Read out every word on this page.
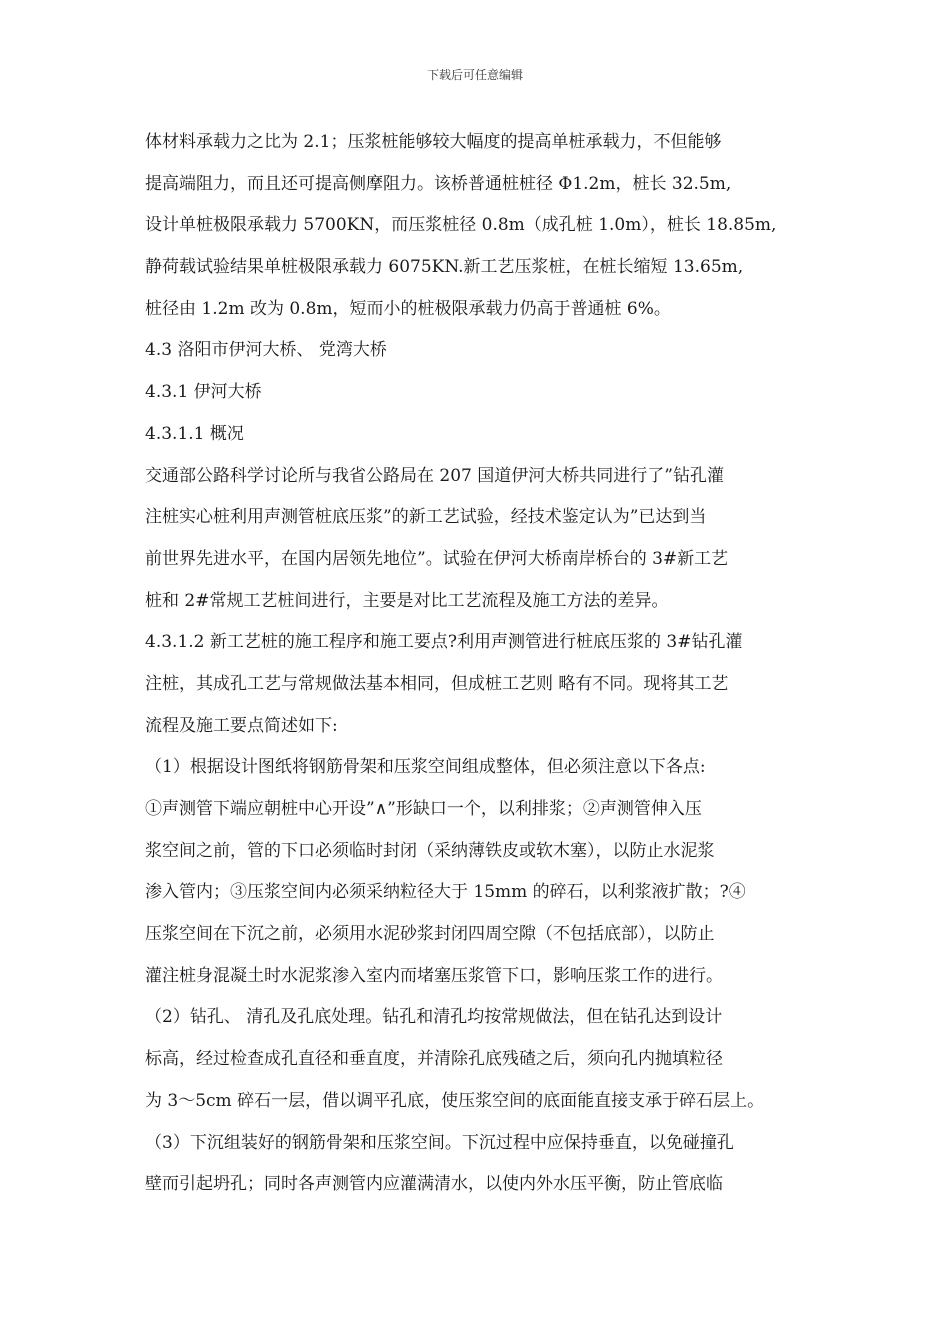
下载后可任意编辑
体材料承载力之比为 2.1；压浆桩能够较大幅度的提高单桩承载力，不但能够
提高端阻力，而且还可提高侧摩阻力。该桥普通桩桩径 Φ1.2m，桩长 32.5m,
设计单桩极限承载力 5700KN，而压浆桩径 0.8m（成孔桩 1.0m），桩长 18.85m,
静荷载试验结果单桩极限承载力 6075KN.新工艺压浆桩，在桩长缩短 13.65m,
桩径由 1.2m 改为 0.8m，短而小的桩极限承载力仍高于普通桩 6%。
4.3 洛阳市伊河大桥、 党湾大桥
4.3.1 伊河大桥
4.3.1.1 概况
交通部公路科学讨论所与我省公路局在 207 国道伊河大桥共同进行了”钻孔灌
注桩实心桩利用声测管桩底压浆”的新工艺试验，经技术鉴定认为”已达到当
前世界先进水平，在国内居领先地位”。试验在伊河大桥南岸桥台的 3#新工艺
桩和 2#常规工艺桩间进行，主要是对比工艺流程及施工方法的差异。
4.3.1.2 新工艺桩的施工程序和施工要点?利用声测管进行桩底压浆的 3#钻孔灌
注桩，其成孔工艺与常规做法基本相同，但成桩工艺则 略有不同。现将其工艺
流程及施工要点简述如下:
（1）根据设计图纸将钢筋骨架和压浆空间组成整体，但必须注意以下各点:
①声测管下端应朝桩中心开设”∧”形缺口一个，以利排浆；②声测管伸入压
浆空间之前，管的下口必须临时封闭（采纳薄铁皮或软木塞），以防止水泥浆
渗入管内；③压浆空间内必须采纳粒径大于 15mm 的碎石，以利浆液扩散；?④
压浆空间在下沉之前，必须用水泥砂浆封闭四周空隙（不包括底部），以防止
灌注桩身混凝土时水泥浆渗入室内而堵塞压浆管下口，影响压浆工作的进行。
（2）钻孔、 清孔及孔底处理。钻孔和清孔均按常规做法，但在钻孔达到设计
标高，经过检查成孔直径和垂直度，并清除孔底残碴之后，须向孔内抛填粒径
为 3～5cm 碎石一层，借以调平孔底，使压浆空间的底面能直接支承于碎石层上。
（3）下沉组装好的钢筋骨架和压浆空间。下沉过程中应保持垂直，以免碰撞孔
壁而引起坍孔；同时各声测管内应灌满清水，以使内外水压平衡，防止管底临
